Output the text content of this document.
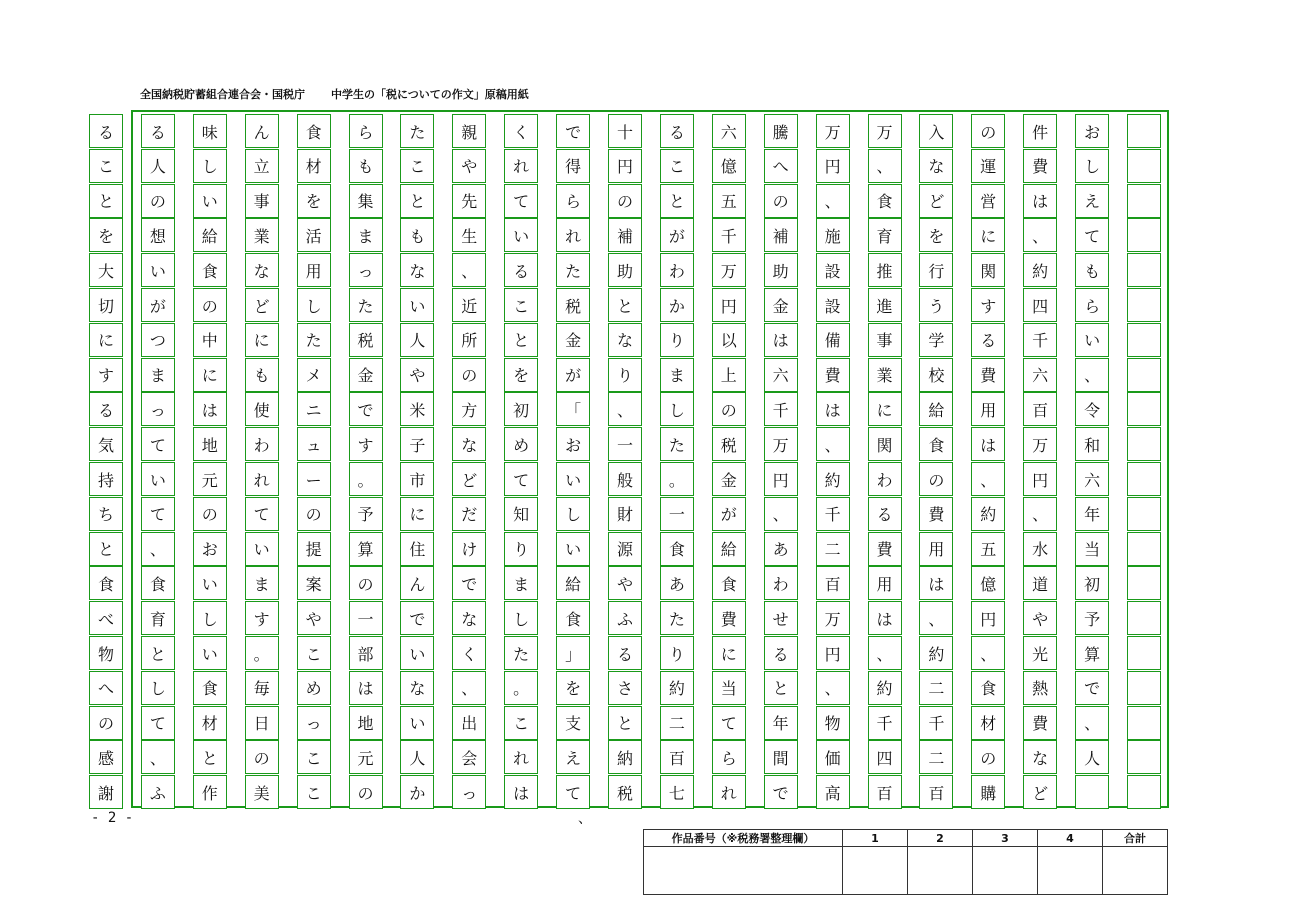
全国納税貯蓄組合連合会・国税庁 中学生の「税についての作文」原稿用紙
お
し
え
て
も
ら
い
、
令
和
六
年
当
初
予
算
で
、
人
件
費
は
、
約
四
千
六
百
万
円
、
水
道
や
光
熱
費
な
ど
の
運
営
に
関
す
る
費
用
は
、
約
五
億
円
、
食
材
の
購
入
な
ど
を
行
う
学
校
給
食
の
費
用
は
、
約
二
千
二
百
万
、
食
育
推
進
事
業
に
関
わ
る
費
用
は
、
約
千
四
百
万
円
、
施
設
設
備
費
は
、
約
千
二
百
万
円
、
物
価
高
騰
へ
の
補
助
金
は
六
千
万
円
、
あ
わ
せ
る
と
年
間
で
六
億
五
千
万
円
以
上
の
税
金
が
給
食
費
に
当
て
ら
れ
る
こ
と
が
わ
か
り
ま
し
た
。
一
食
あ
た
り
約
二
百
七
十
円
の
補
助
と
な
り
、
一
般
財
源
や
ふ
る
さ
と
納
税
で
得
ら
れ
た
税
金
が
「
お
い
し
い
給
食
」
を
支
え
て
く
れ
て
い
る
こ
と
を
初
め
て
知
り
ま
し
た
。
こ
れ
は
親
や
先
生
、
近
所
の
方
な
ど
だ
け
で
な
く
、
出
会
っ
た
こ
と
も
な
い
人
や
米
子
市
に
住
ん
で
い
な
い
人
か
ら
も
集
ま
っ
た
税
金
で
す
。
予
算
の
一
部
は
地
元
の
食
材
を
活
用
し
た
メ
ニ
ュ
ー
の
提
案
や
こ
め
っ
こ
こ
ん
立
事
業
な
ど
に
も
使
わ
れ
て
い
ま
す
。
毎
日
の
美
味
し
い
給
食
の
中
に
は
地
元
の
お
い
し
い
食
材
と
作
る
人
の
想
い
が
つ
ま
っ
て
い
て
、
食
育
と
し
て
、
ふ
る
こ
と
を
大
切
に
す
る
気
持
ち
と
食
べ
物
へ
の
感
謝
- 2 -	、
作品番号（※税務署整理欄）	1	2	3	4	合計
